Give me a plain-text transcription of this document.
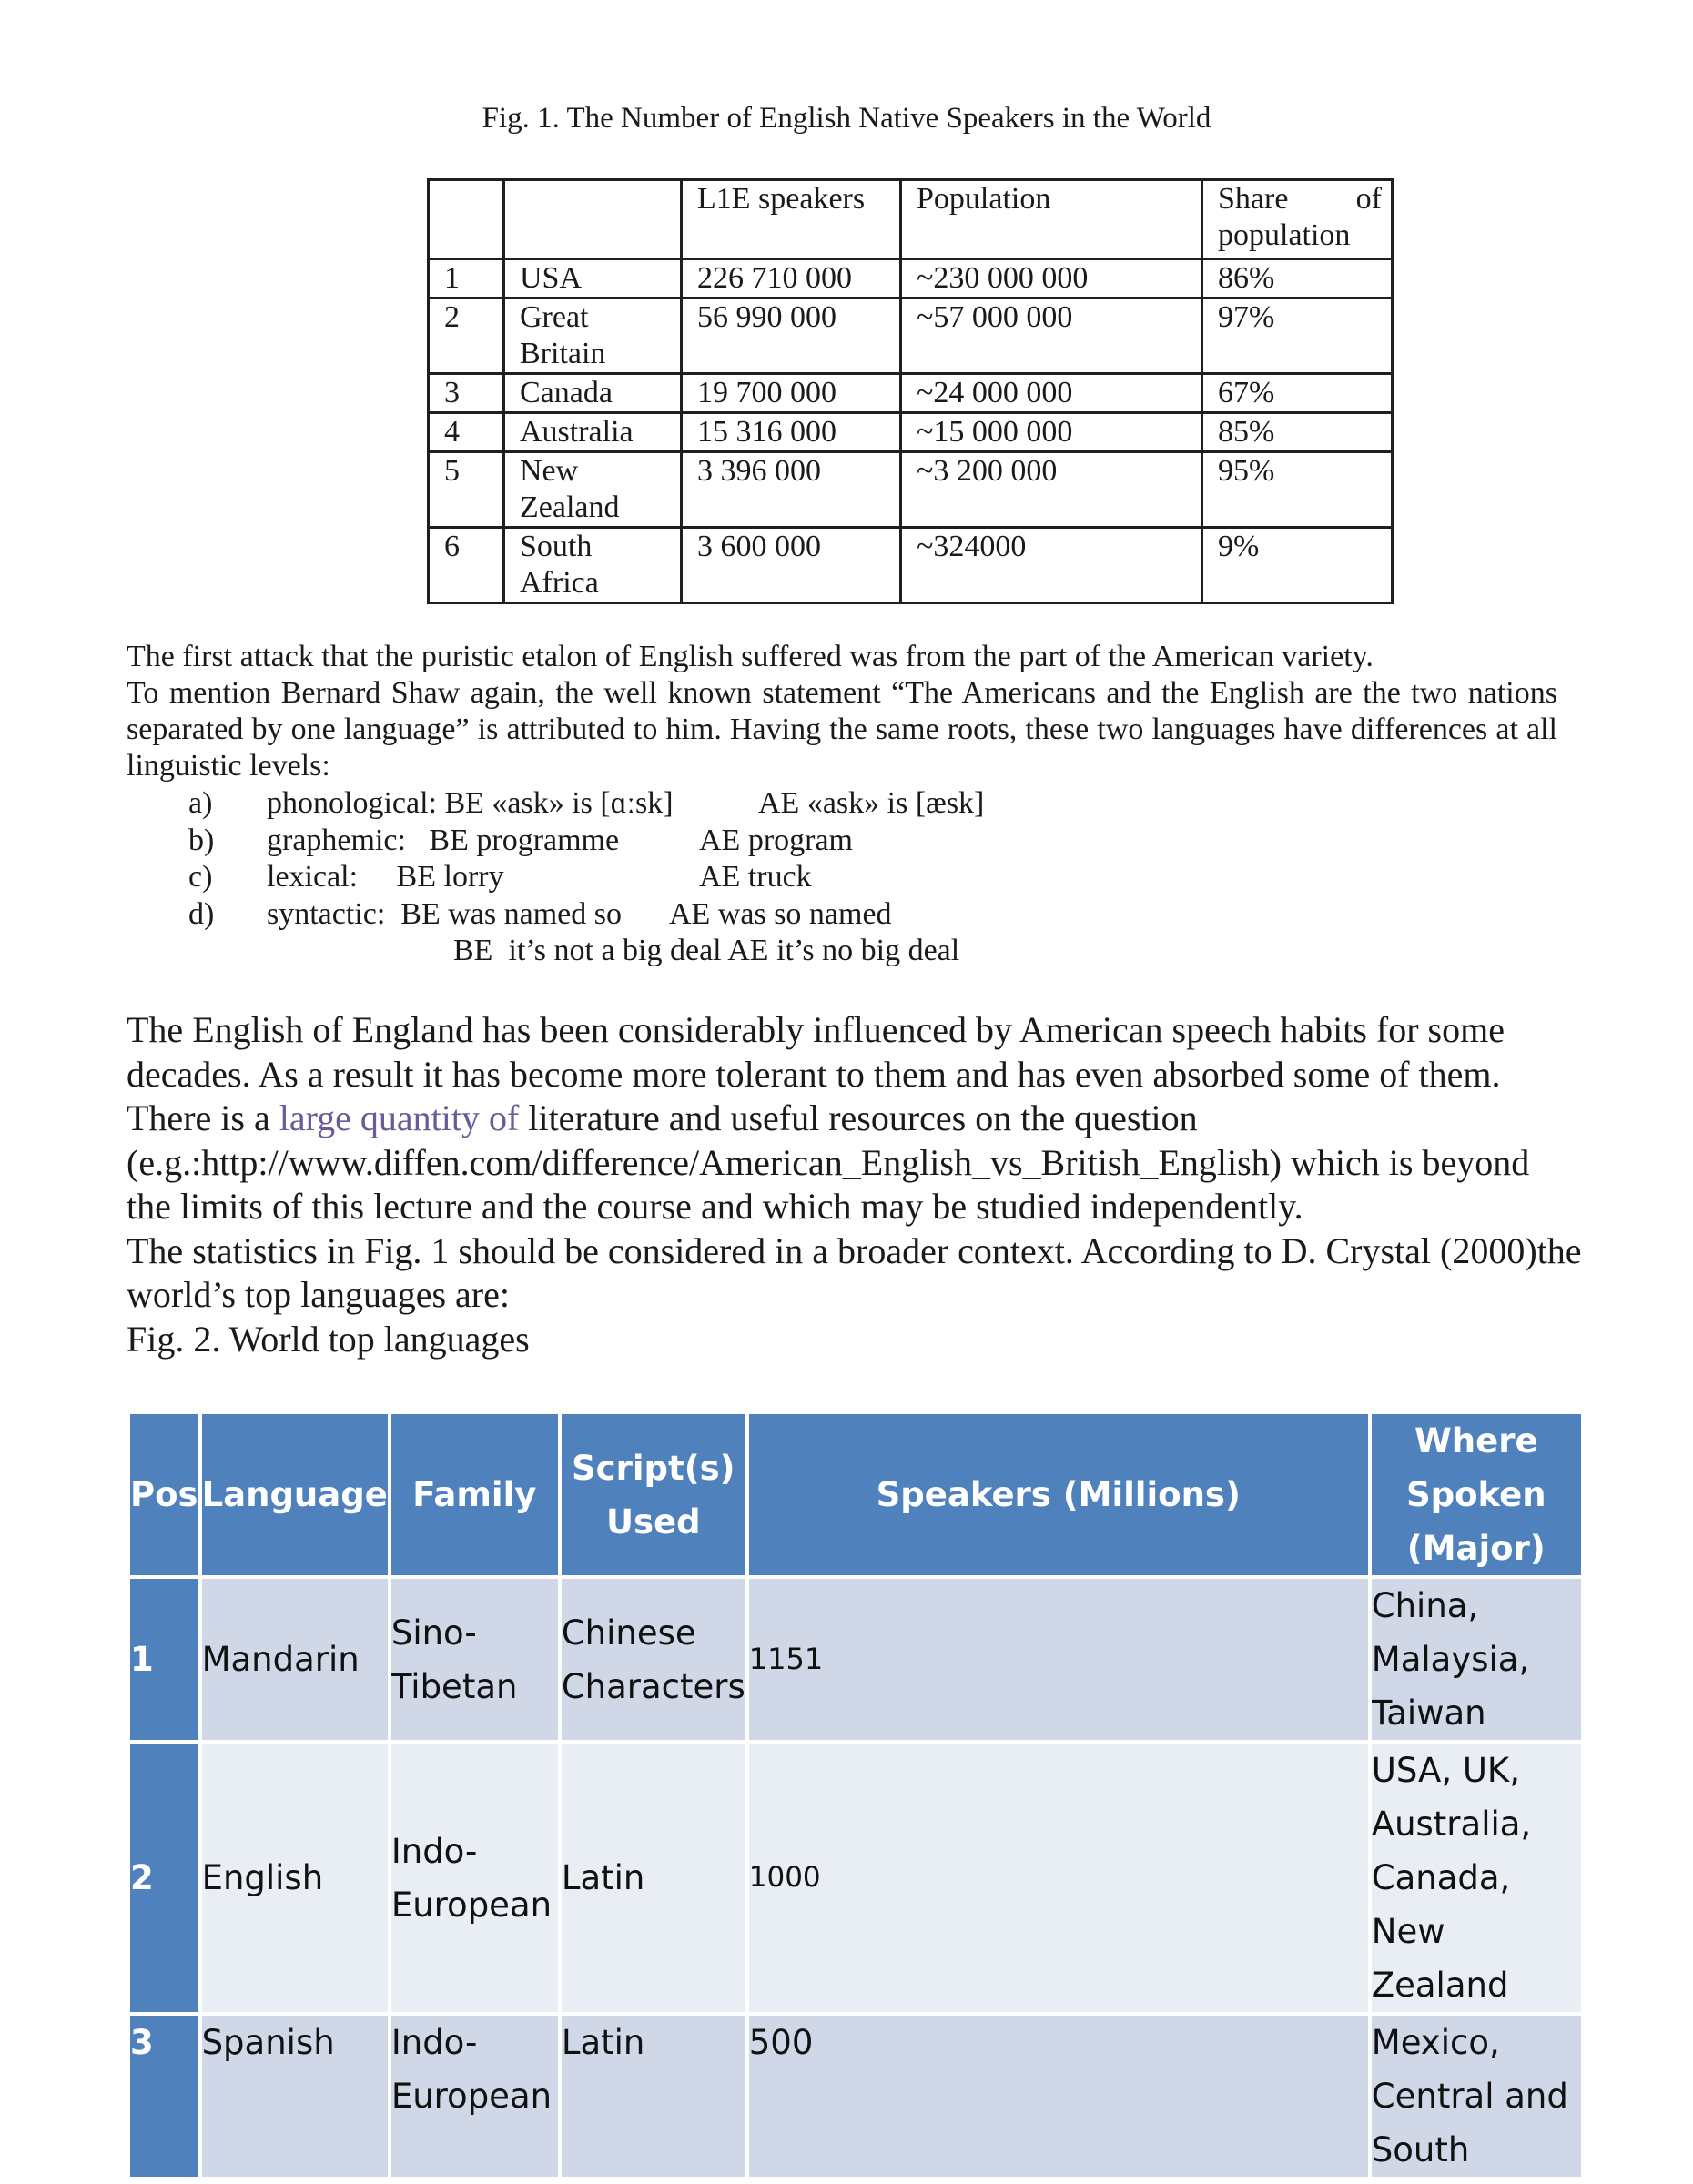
Fig. 1. The Number of English Native Speakers in the World
		L1E speakers	Population	Share of population
1	USA	226 710 000	~230 000 000	86%
2	Great Britain	56 990 000	~57 000 000	97%
3	Canada	19 700 000	~24 000 000	67%
4	Australia	15 316 000	~15 000 000	85%
5	New Zealand	3 396 000	~3 200 000	95%
6	South Africa	3 600 000	~324000	9%

The first attack that the puristic etalon of English suffered was from the part of the American variety.

To mention Bernard Shaw again, the well known statement “The Americans and the English are the two nations separated by one language” is attributed to him. Having the same roots, these two languages have differences at all linguistic levels:

a) phonological: BE «ask» is [ɑːsk]	AE «ask» is [æsk]
b) graphemic:   BE programme	AE program
c) lexical:     BE lorry	AE truck
d) syntactic:  BE was named so AE was so named
BE  it’s not a big deal AE it’s no big deal

The English of England has been considerably influenced by American speech habits for some decades. As a result it has become more tolerant to them and has even absorbed some of them. There is a large quantity of literature and useful resources on the question (e.g.:http://www.diffen.com/difference/American_English_vs_British_English) which is beyond the limits of this lecture and the course and which may be studied independently.

The statistics in Fig. 1 should be considered in a broader context. According to D. Crystal (2000)the world’s top languages are:

Fig. 2. World top languages

Pos	Language	Family	Script(s) Used	Speakers (Millions)	Where Spoken (Major)
1	Mandarin	Sino-Tibetan	Chinese Characters	1151	China, Malaysia, Taiwan
2	English	Indo-European	Latin	1000	USA, UK, Australia, Canada, New Zealand
3	Spanish	Indo-European	Latin	500	Mexico, Central and South
